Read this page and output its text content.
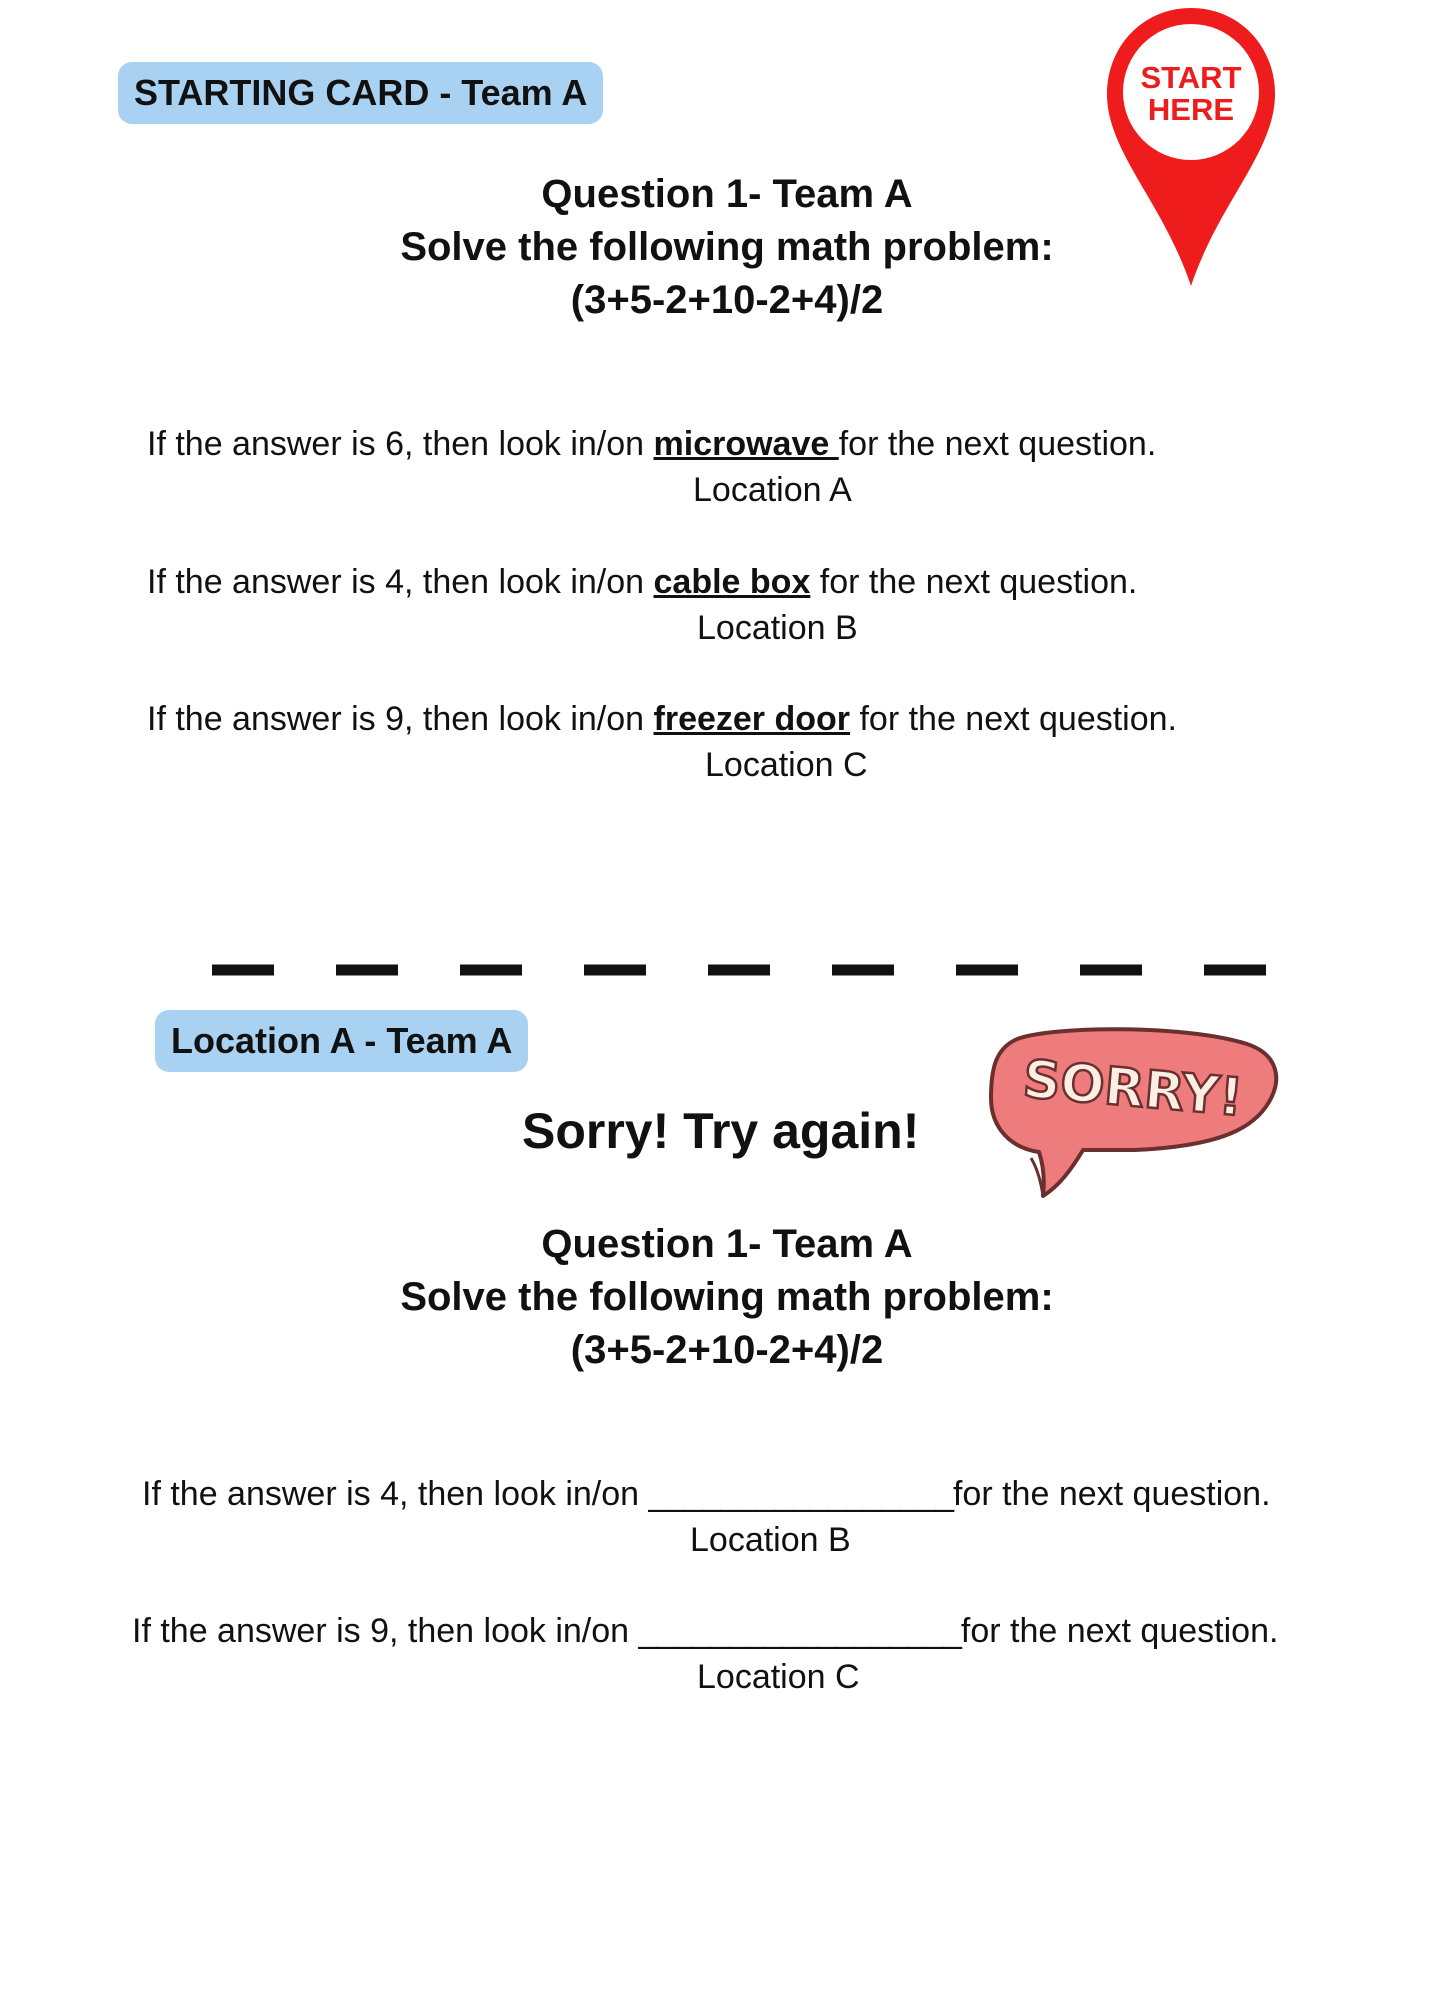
STARTING CARD - Team A	START
HERE
Question 1- Team A
Solve the following math problem:
(3+5-2+10-2+4)/2
If the answer is 6, then look in/on microwave for the next question.
Location A
If the answer is 4, then look in/on cable box for the next question.
Location B
If the answer is 9, then look in/on freezer door for the next question.
Location C
Location A - Team A
Sorry! Try again!
SORRY!
Question 1- Team A
Solve the following math problem:
(3+5-2+10-2+4)/2
If the answer is 4, then look in/on _________________for the next question.
Location B
If the answer is 9, then look in/on __________________for the next question.
Location C
